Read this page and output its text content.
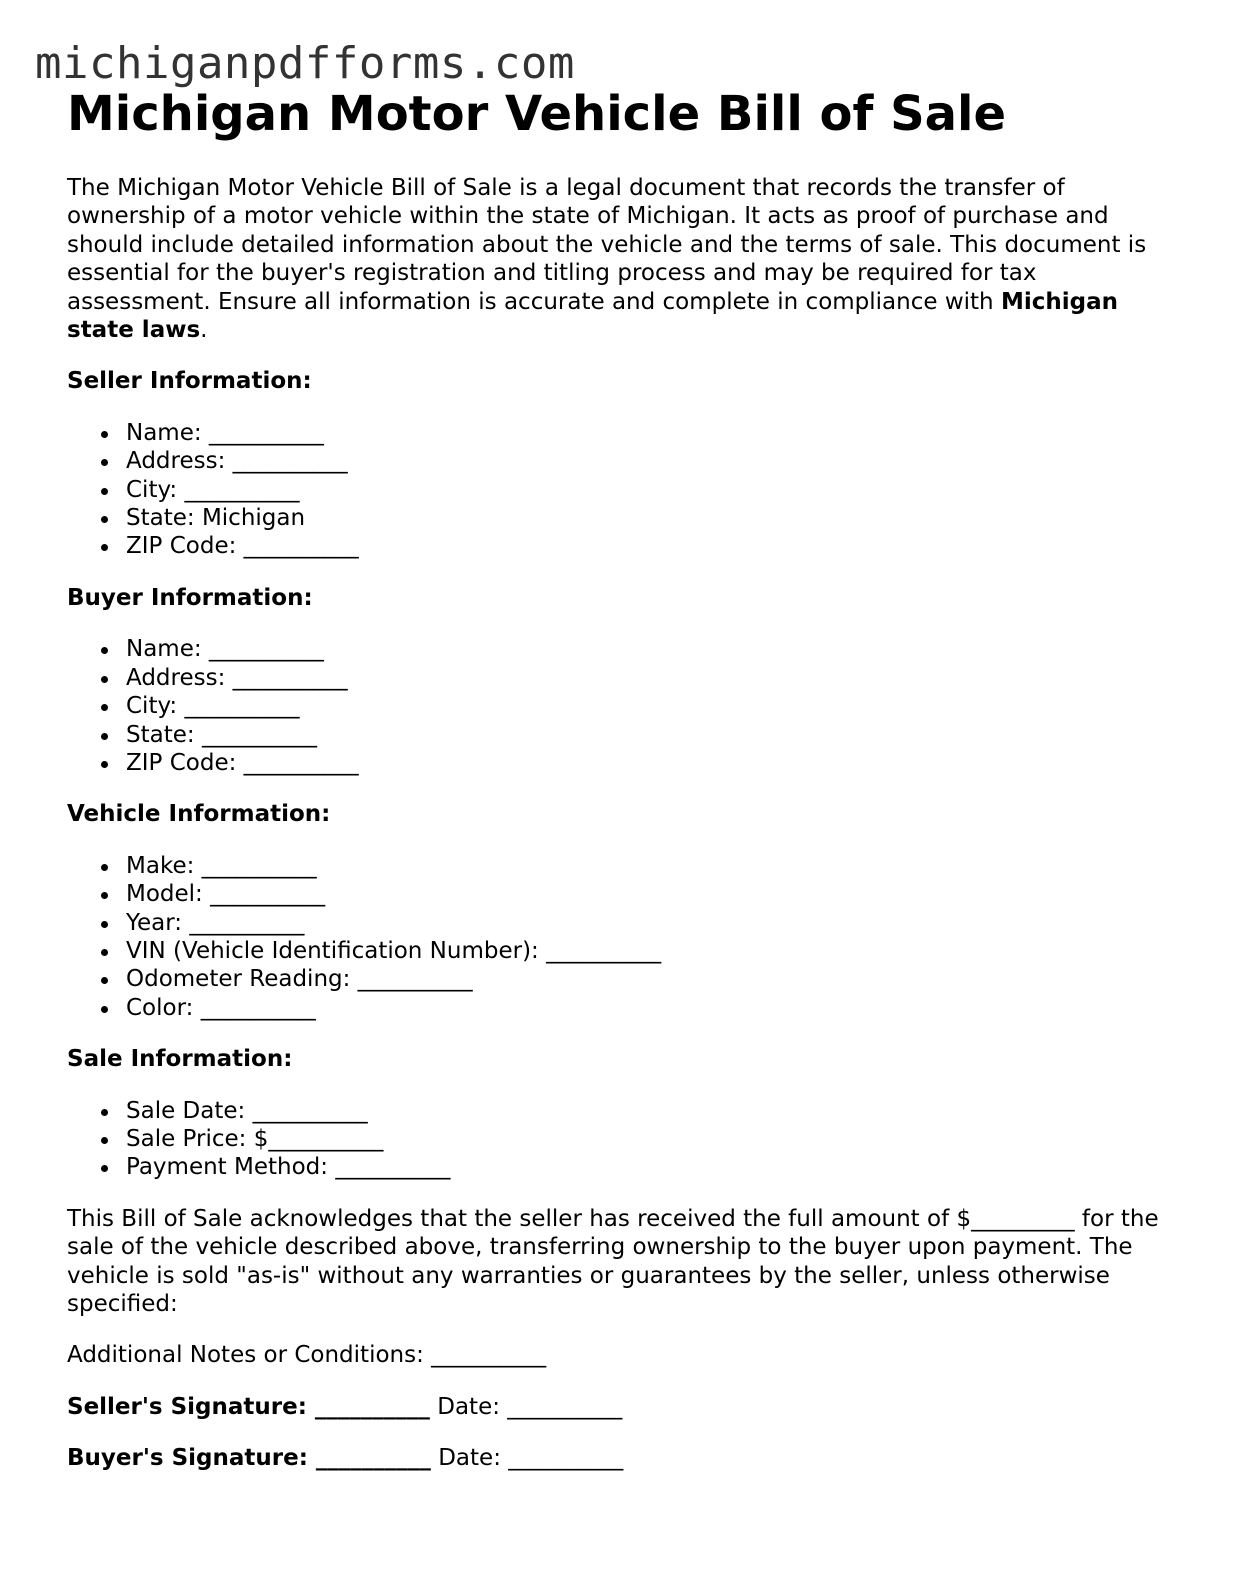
michiganpdfforms.com
Michigan Motor Vehicle Bill of Sale

The Michigan Motor Vehicle Bill of Sale is a legal document that records the transfer of ownership of a motor vehicle within the state of Michigan. It acts as proof of purchase and should include detailed information about the vehicle and the terms of sale. This document is essential for the buyer's registration and titling process and may be required for tax assessment. Ensure all information is accurate and complete in compliance with Michigan state laws.

Seller Information:

Name: __________
Address: __________
City: __________
State: Michigan
ZIP Code: __________

Buyer Information:

Name: __________
Address: __________
City: __________
State: __________
ZIP Code: __________

Vehicle Information:

Make: __________
Model: __________
Year: __________
VIN (Vehicle Identification Number): __________
Odometer Reading: __________
Color: __________

Sale Information:

Sale Date: __________
Sale Price: $__________
Payment Method: __________

This Bill of Sale acknowledges that the seller has received the full amount of $_________ for the sale of the vehicle described above, transferring ownership to the buyer upon payment. The vehicle is sold "as-is" without any warranties or guarantees by the seller, unless otherwise specified:

Additional Notes or Conditions: __________

Seller's Signature: __________ Date: __________

Buyer's Signature: __________ Date: __________
